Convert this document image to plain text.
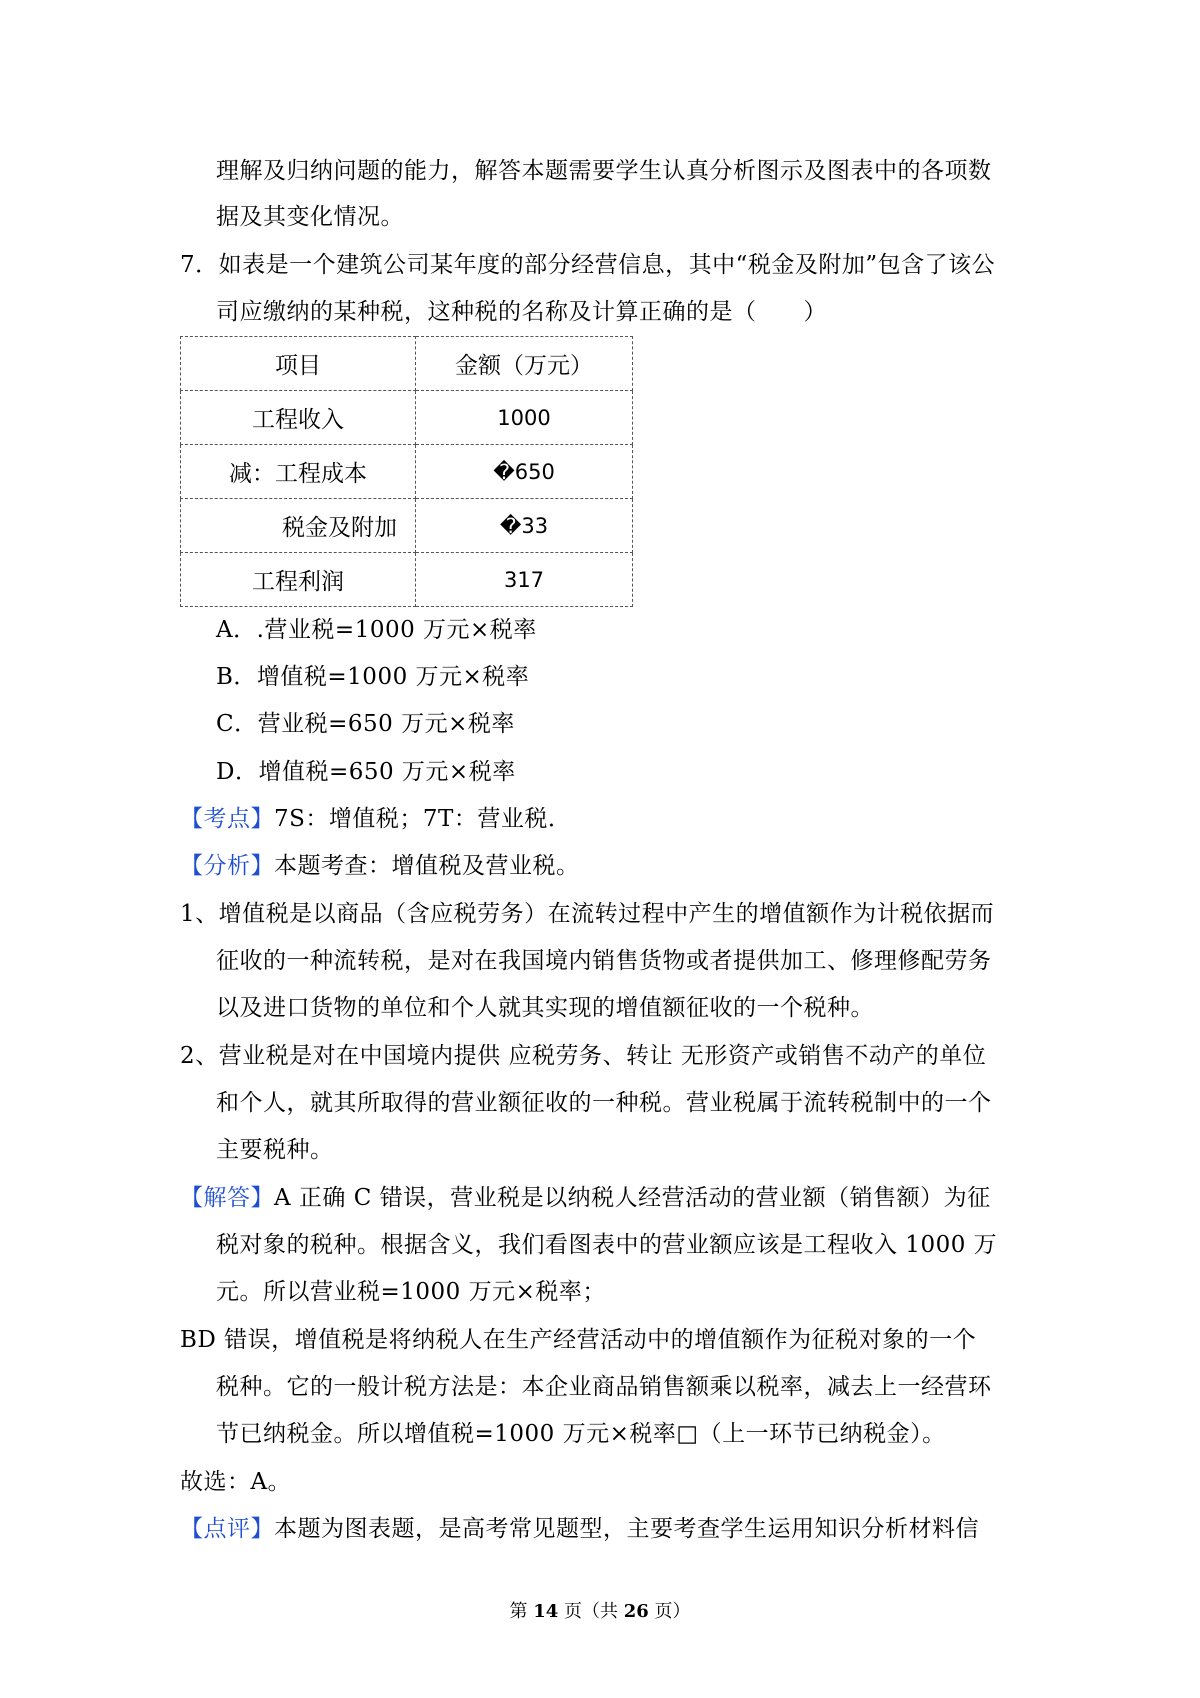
理解及归纳问题的能力，解答本题需要学生认真分析图示及图表中的各项数
据及其变化情况。
7．如表是一个建筑公司某年度的部分经营信息，其中“税金及附加”包含了该公
司应缴纳的某种税，这种税的名称及计算正确的是（　　）
项目	金额（万元）
工程收入	1000
减：工程成本	�650
税金及附加	�33
工程利润	317
A．.营业税=1000 万元×税率
B．增值税=1000 万元×税率
C．营业税=650 万元×税率
D．增值税=650 万元×税率
【考点】7S：增值税；7T：营业税．
【分析】本题考查：增值税及营业税。
1、增值税是以商品（含应税劳务）在流转过程中产生的增值额作为计税依据而
征收的一种流转税，是对在我国境内销售货物或者提供加工、修理修配劳务
以及进口货物的单位和个人就其实现的增值额征收的一个税种。
2、营业税是对在中国境内提供 应税劳务、转让 无形资产或销售不动产的单位
和个人，就其所取得的营业额征收的一种税。营业税属于流转税制中的一个
主要税种。
【解答】A 正确 C 错误，营业税是以纳税人经营活动的营业额（销售额）为征
税对象的税种。根据含义，我们看图表中的营业额应该是工程收入 1000 万
元。所以营业税=1000 万元×税率；
BD 错误，增值税是将纳税人在生产经营活动中的增值额作为征税对象的一个
税种。它的一般计税方法是：本企业商品销售额乘以税率，减去上一经营环
节已纳税金。所以增值税=1000 万元×税率□（上一环节已纳税金）。
故选：A。
【点评】本题为图表题，是高考常见题型，主要考查学生运用知识分析材料信
第 14 页（共 26 页）
